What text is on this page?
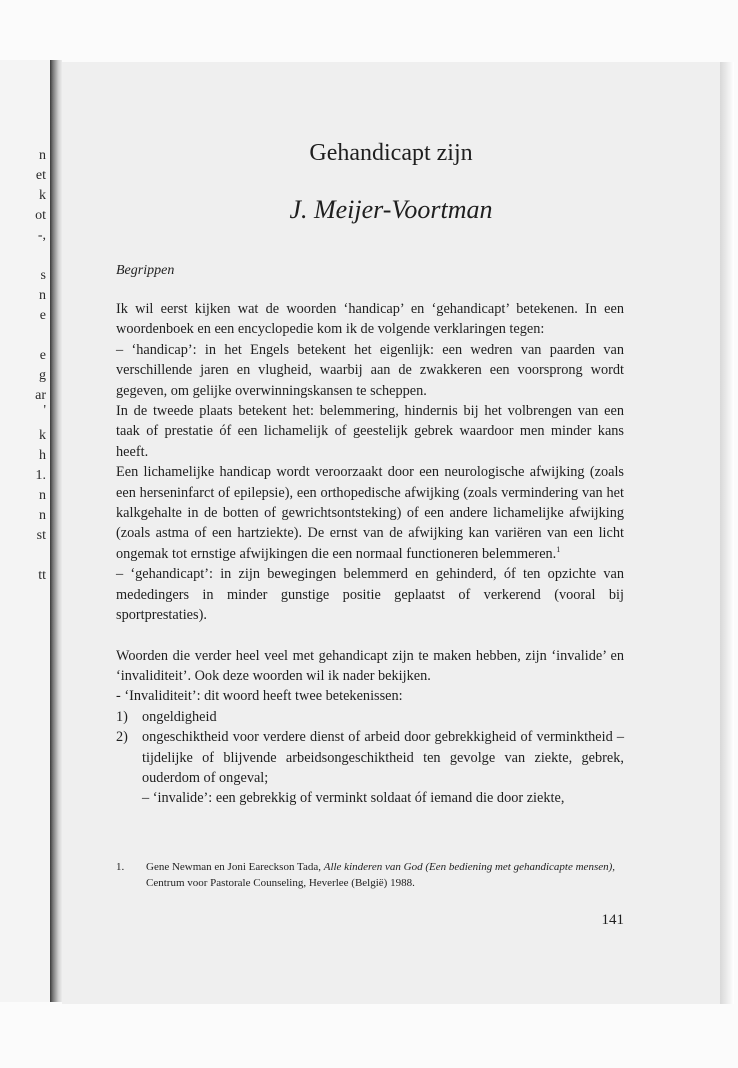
n
et
k
ot
-,
s
n
e
e
g
ar
'
k
h
1.
n
n
st
tt
Gehandicapt zijn
J. Meijer-Voortman
Begrippen

Ik wil eerst kijken wat de woorden ‘handicap’ en ‘gehandicapt’ betekenen. In een woordenboek en een encyclopedie kom ik de volgende verklaringen tegen:

– ‘handicap’: in het Engels betekent het eigenlijk: een wedren van paarden van verschillende jaren en vlugheid, waarbij aan de zwakkeren een voorsprong wordt gegeven, om gelijke overwinningskansen te scheppen.

In de tweede plaats betekent het: belemmering, hindernis bij het volbrengen van een taak of prestatie óf een lichamelijk of geestelijk gebrek waardoor men minder kans heeft.

Een lichamelijke handicap wordt veroorzaakt door een neurologische afwijking (zoals een herseninfarct of epilepsie), een orthopedische afwijking (zoals vermindering van het kalkgehalte in de botten of gewrichtsontsteking) of een andere lichamelijke afwijking (zoals astma of een hartziekte). De ernst van de afwijking kan variëren van een licht ongemak tot ernstige afwijkingen die een normaal functioneren belemmeren.$^1$

– ‘gehandicapt’: in zijn bewegingen belemmerd en gehinderd, óf ten opzichte van mededingers in minder gunstige positie geplaatst of verkerend (vooral bij sportprestaties).

Woorden die verder heel veel met gehandicapt zijn te maken hebben, zijn ‘invalide’ en ‘invaliditeit’. Ook deze woorden wil ik nader bekijken.

- ‘Invaliditeit’: dit woord heeft twee betekenissen:

1) ongeldigheid
2) ongeschiktheid voor verdere dienst of arbeid door gebrekkigheid of verminktheid – tijdelijke of blijvende arbeidsongeschiktheid ten gevolge van ziekte, gebrek, ouderdom of ongeval;

– ‘invalide’: een gebrekkig of verminkt soldaat óf iemand die door ziekte,

1.	Gene Newman en Joni Eareckson Tada, Alle kinderen van God (Een bediening met gehandicapte mensen), Centrum voor Pastorale Counseling, Heverlee (België) 1988.
141
